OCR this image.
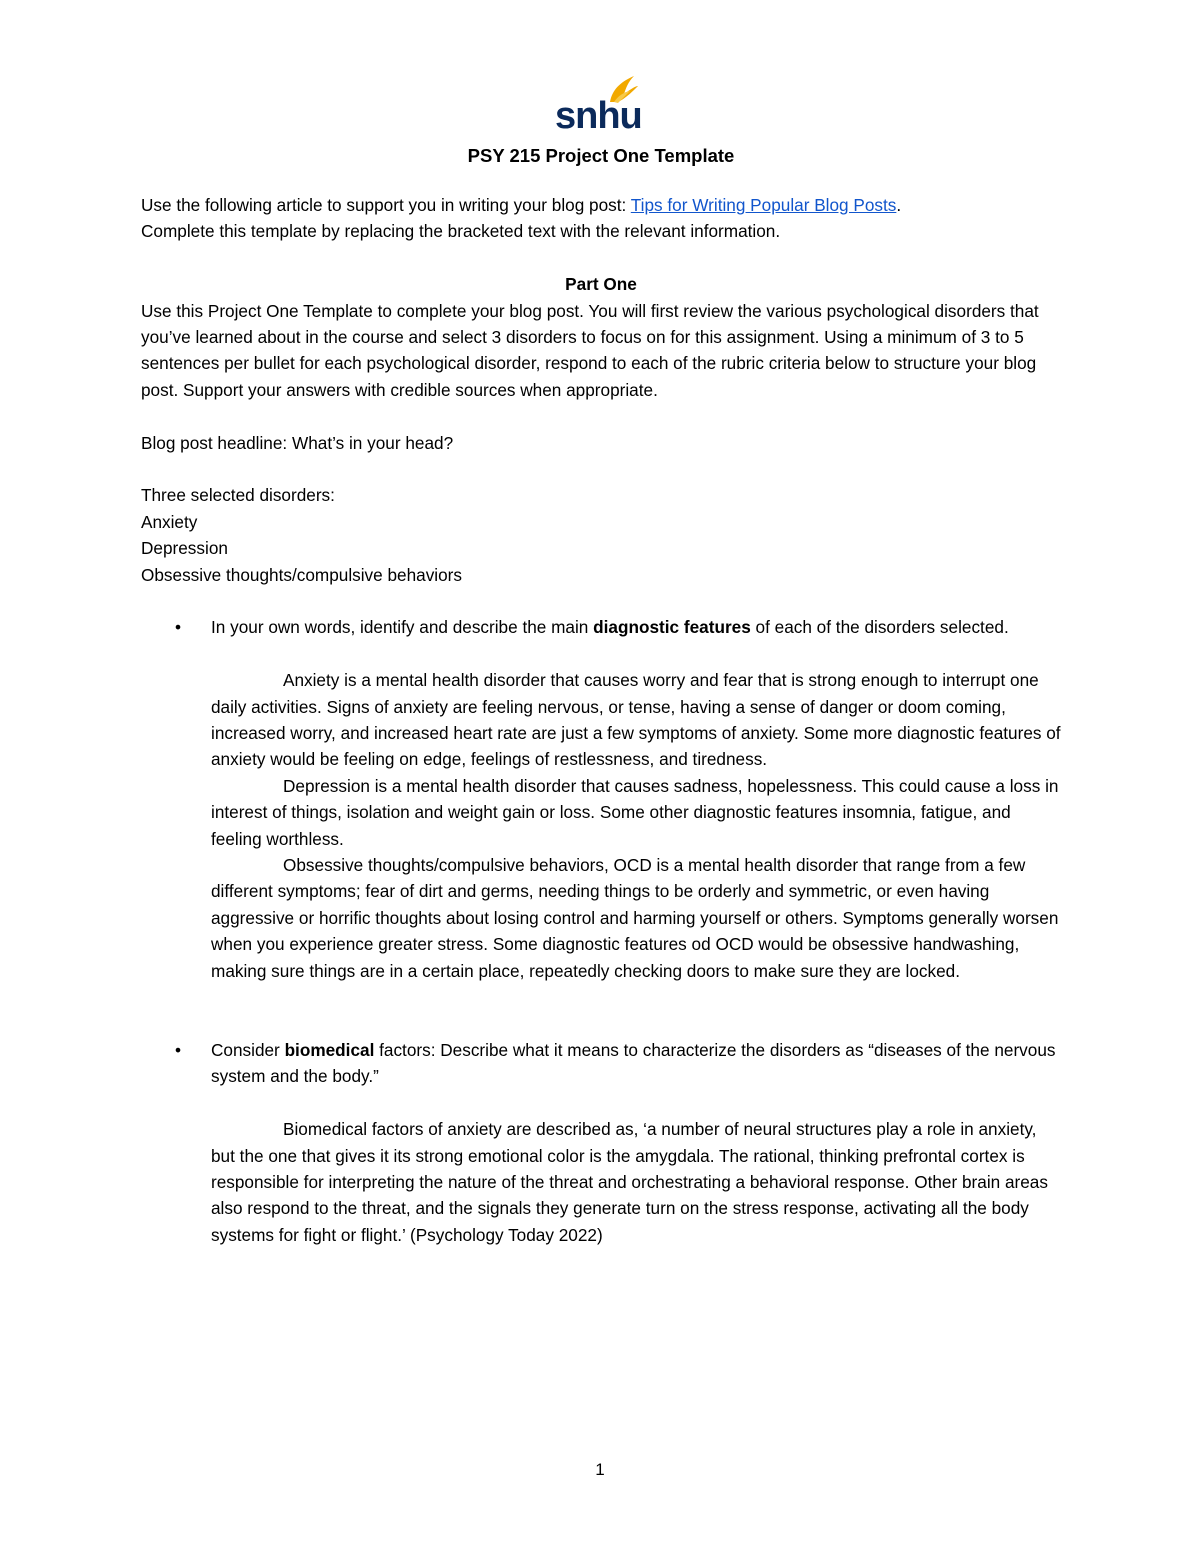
snhu

PSY 215 Project One Template

Use the following article to support you in writing your blog post: Tips for Writing Popular Blog Posts.

Complete this template by replacing the bracketed text with the relevant information.

Part One

Use this Project One Template to complete your blog post. You will first review the various psychological disorders that you’ve learned about in the course and select 3 disorders to focus on for this assignment. Using a minimum of 3 to 5 sentences per bullet for each psychological disorder, respond to each of the rubric criteria below to structure your blog post. Support your answers with credible sources when appropriate.

Blog post headline: What’s in your head?

Three selected disorders:

Anxiety

Depression

Obsessive thoughts/compulsive behaviors

•	In your own words, identify and describe the main diagnostic features of each of the disorders selected.

Anxiety is a mental health disorder that causes worry and fear that is strong enough to interrupt one daily activities. Signs of anxiety are feeling nervous, or tense, having a sense of danger or doom coming, increased worry, and increased heart rate are just a few symptoms of anxiety. Some more diagnostic features of anxiety would be feeling on edge, feelings of restlessness, and tiredness.

Depression is a mental health disorder that causes sadness, hopelessness. This could cause a loss in interest of things, isolation and weight gain or loss. Some other diagnostic features insomnia, fatigue, and feeling worthless.

Obsessive thoughts/compulsive behaviors, OCD is a mental health disorder that range from a few different symptoms; fear of dirt and germs, needing things to be orderly and symmetric, or even having aggressive or horrific thoughts about losing control and harming yourself or others. Symptoms generally worsen when you experience greater stress. Some diagnostic features od OCD would be obsessive handwashing, making sure things are in a certain place, repeatedly checking doors to make sure they are locked.

•	Consider biomedical factors: Describe what it means to characterize the disorders as “diseases of the nervous system and the body.”

Biomedical factors of anxiety are described as, ‘a number of neural structures play a role in anxiety, but the one that gives it its strong emotional color is the amygdala. The rational, thinking prefrontal cortex is responsible for interpreting the nature of the threat and orchestrating a behavioral response. Other brain areas also respond to the threat, and the signals they generate turn on the stress response, activating all the body systems for fight or flight.’ (Psychology Today 2022)

1
